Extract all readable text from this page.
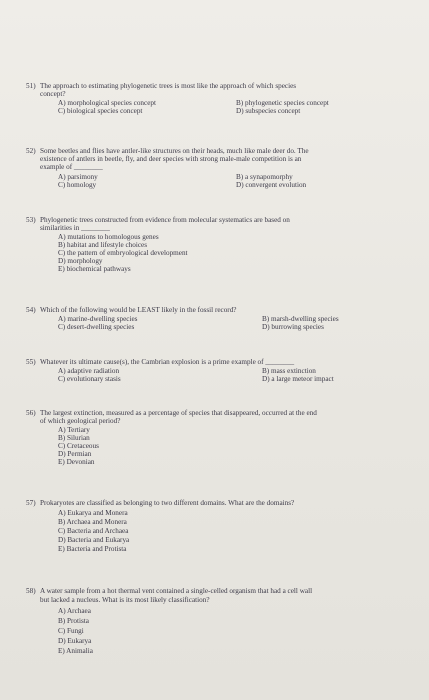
51) The approach to estimating phylogenetic trees is most like the approach of which species
concept?
A) morphological species concept	B) phylogenetic species concept
C) biological species concept	D) subspecies concept
52) Some beetles and flies have antler-like structures on their heads, much like male deer do. The
existence of antlers in beetle, fly, and deer species with strong male-male competition is an
example of ________
A) parsimony	B) a synapomorphy
C) homology	D) convergent evolution
53) Phylogenetic trees constructed from evidence from molecular systematics are based on
similarities in ________
A) mutations to homologous genes
B) habitat and lifestyle choices
C) the pattern of embryological development
D) morphology
E) biochemical pathways
54) Which of the following would be LEAST likely in the fossil record?
A) marine-dwelling species	B) marsh-dwelling species
C) desert-dwelling species	D) burrowing species
55) Whatever its ultimate cause(s), the Cambrian explosion is a prime example of ________
A) adaptive radiation	B) mass extinction
C) evolutionary stasis	D) a large meteor impact
56) The largest extinction, measured as a percentage of species that disappeared, occurred at the end
of which geological period?
A) Tertiary
B) Silurian
C) Cretaceous
D) Permian
E) Devonian
57) Prokaryotes are classified as belonging to two different domains. What are the domains?
A) Eukarya and Monera
B) Archaea and Monera
C) Bacteria and Archaea
D) Bacteria and Eukarya
E) Bacteria and Protista
58) A water sample from a hot thermal vent contained a single-celled organism that had a cell wall
but lacked a nucleus. What is its most likely classification?
A) Archaea
B) Protista
C) Fungi
D) Eukarya
E) Animalia
